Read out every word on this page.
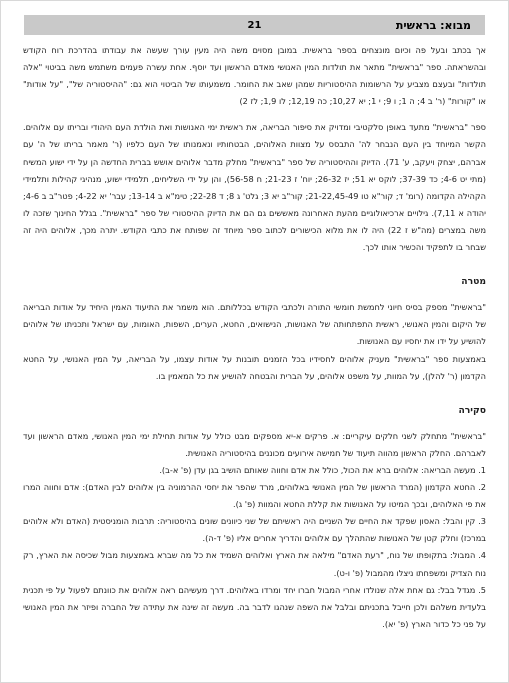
מבוא: בראשית
21

אך בכתב ובעל פה וכיום מונצחים בספר בראשית. במובן מסוים משה היה מעין עורך שעשה את עבודתו בהדרכת רוח הקודש ובהשראתה. ספר "בראשית" מתאר את תולדות המין האנושי מאדם הראשון ועד יוסף. אחת עשרה פעמים משתמש משה בביטוי "אלה תולדות" ובעצם מצביע על הרשומות ההיסטוריות שמהן שאב את החומר. משמעותו של הביטוי הוא גם: "ההיסטוריה של", "על אודות" או "קורות" (ר' ב 4; ה 1; ו 9; י 1; יא 10,27; כה 12,19; לו 1,9; לז 2)

ספר "בראשית" מתעד באופן סלקטיבי ומדויק את סיפור הבריאה, את ראשית ימי האנושות ואת הולדת העם היהודי ובריתו עם אלוהים. הקשר המיוחד בין העם הנבחר לה' התבסס על מצוות האלוהים, הבטחותיו ונאמנותו של העם כלפיו (ר' מאמר בריתו של ה' עם אברהם, יצחק ויעקב, ע' 71). הדיוק וההיסטוריה של ספר "בראשית" מחלק מדבר אלוהים אושש בברית החדשה הן על ידי ישוע המשיח (מתי יט 4-6; כד 37-39; לוקס יא 51; יז 26-32; יוח' ז 21-23; ח 56-58), והן על ידי השליחים, תלמידי ישוע, מנהיגי קהילות ותלמידי הקהילה הקדומה (רומ' ד; קור"א טו 21-22,45-49; קור"ב יא 3; גלט' ג 8; ד 22-28; טימ"א ב 13-14; עבר' יא 4-22; פטר"ב ב 4-6; יהודה א 7,11). גילויים ארכיאולוגיים מהעת האחרונה מאששים גם הם את הדיוק ההיסטורי של ספר "בראשית". בגלל החינוך שזכה לו משה במצרים (מה"ש ז 22) היה לו את מלוא הכישורים לכתוב ספר מיוחד זה שפותח את כתבי הקודש. יתרה מכך, אלוהים היה זה שבחר בו לתפקיד והכשיר אותו לכך.

מטרה

"בראשית" מספק בסיס חיוני לחמשת חומשי התורה ולכתבי הקודש בכללותם. הוא משמר את התיעוד האמין היחיד על אודות הבריאה של היקום והמין האנושי, ראשית התפתחותה של האנושות, הנישואים, החטא, הערים, השפות, האומות, עם ישראל ותכניתו של אלוהים להושיע על ידו את יחסיו עם האנושות.

באמצעות ספר "בראשית" מעניק אלוהים לחסידיו בכל הזמנים תובנות על אודות עצמו, על הבריאה, על המין האנושי, על החטא הקדמון (ר' להלן), על המוות, על משפט אלוהים, על הברית והבטחה להושיע את כל המאמין בו.

סקירה

"בראשית" מתחלק לשני חלקים עיקריים: א. פרקים א-יא מספקים מבט כולל על אודות תחילת ימי המין האנושי, מאדם הראשון ועד לאברהם. החלק הראשון מהווה תיעוד של חמישה אירועים מכוננים בהיסטוריה האנושית.

1. מעשה הבריאה: אלוהים ברא את הכול, כולל את אדם וחווה שאותם הושיב בגן עדן (פ' א-ב).
2. החטא הקדמון (המרד הראשון של המין האנושי באלוהים, מרד שהפר את יחסי ההרמוניה בין אלוהים לבין האדם): אדם וחווה המרו את פי האלוהים, ובכך המיטו על האנושות את קללת החטא והמוות (פ' ג).
3. קין והבל: האסון שפקד את החיים של השניים היה ראשיתם של שני כיוונים שונים בהיסטוריה: תרבות הומניסטית (האדם ולא אלוהים במרכז) וחלק קטן של האנושות שהתהלך עם אלוהים והדריך אחרים אליו (פ' ד-ה).
4. המבול: בתקופתו של נוח, "רעת האדם" מילאה את הארץ ואלוהים השמיד את כל מה שברא באמצעות מבול שכיסה את הארץ, רק נוח הצדיק ומשפחתו ניצלו מהמבול (פ' ו-ט).
5. מגדל בבל: גם אחת אלה שנולדו אחרי המבול חברו יחד ומרדו באלוהים. דרך מעשיהם ראה אלוהים את כוונתם לפעול על פי תכנית בלעדית משלהם ולכן חייבל בתכניתם ובלבל את השפה שנהגו לדבר בה. מעשה זה שינה את עתידה של החברה ופיזר את המין האנושי על פני כל כדור הארץ (פ' יא).
